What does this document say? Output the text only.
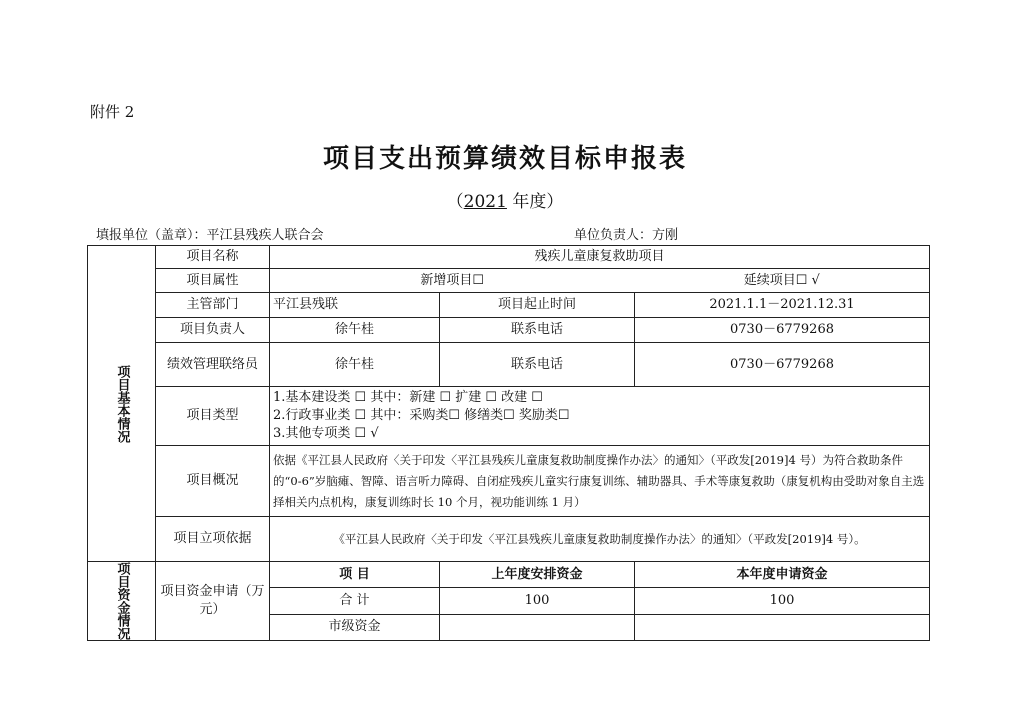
附件 2
项目支出预算绩效目标申报表
（2021 年度）
填报单位（盖章）：平江县残疾人联合会	单位负责人：方刚
项目基本情况	项目名称	残疾儿童康复救助项目		
	项目属性	新增项目☐		延续项目☐ √
	主管部门	平江县残联	项目起止时间	2021.1.1－2021.12.31
	项目负责人	徐午桂	联系电话	0730－6779268
	绩效管理联络员	徐午桂	联系电话	0730－6779268
	项目类型	1.基本建设类 ☐ 其中：新建 ☐ 扩建 ☐ 改建 ☐
2.行政事业类 ☐ 其中：采购类☐ 修缮类☐ 奖励类☐
3.其他专项类 ☐ √		

	项目概况	依据《平江县人民政府〈关于印发〈平江县残疾儿童康复救助制度操作办法〉的通知〉（平政发[2019]4 号）为符合救助条件的“0-6”岁脑瘫、智障、语言听力障碍、自闭症残疾儿童实行康复训练、辅助器具、手术等康复救助（康复机构由受助对象自主选择相关内点机构，康复训练时长 10 个月，视功能训练 1 月）		
	项目立项依据	《平江县人民政府〈关于印发〈平江县残疾儿童康复救助制度操作办法〉的通知〉（平政发[2019]4 号）。		
项目资金情况	项目资金申请（万元）	项 目	上年度安排资金	本年度申请资金
		合 计	100	100
		市级资金		
